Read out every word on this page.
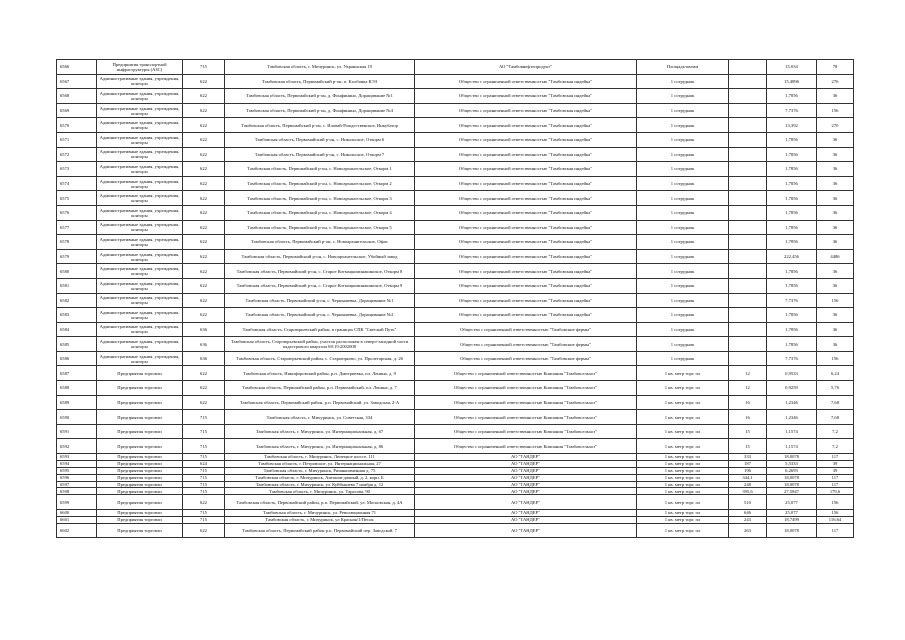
6566	Предприятия транспортной инфраструктуры (АЗС)	715	Тамбовская область, г. Мичуринск, ул. Украинская 19	АО "Тамбовнефтепродукт"	Площадь-квгмм		15.034	78
6567	Административные здания, учреждения, конторы	622	Тамбовская область, Первомайский р-он, п. Kолбовка КЭЗ	Общество с ограниченной ответственностью "Тамбовская индейка"	1 сотрудник		15,4896	276
6568	Административные здания, учреждения, конторы	622	Тамбовская область, Первомайский р-он, д. Фонфинино, Доращивание №1	Общество с ограниченной ответственностью "Тамбовская индейка"	1 сотрудник		1,7856	36
6569	Административные здания, учреждения, конторы	622	Тамбовская область, Первомайский р-он, д. Фонфинино, Доращивание №4	Общество с ограниченной ответственностью "Тамбовская индейка"	1 сотрудник		7,7376	156
6570	Административные здания, учреждения, конторы	622	Тамбовская область, Первомайский р-он, с. Иловай-Рождественское, Инкубатор	Общество с ограниченной ответственностью "Тамбовская индейка"	1 сотрудник		13,392	270
6571	Административные здания, учреждения, конторы	622	Тамбовская область, Первомайский р-он, с. Никольское, Откорм 6	Общество с ограниченной ответственностью "Тамбовская индейка"	1 сотрудник		1,7856	36
6572	Административные здания, учреждения, конторы	622	Тамбовская область, Первомайский р-он, с. Никольское, Откорм 7	Общество с ограниченной ответственностью "Тамбовская индейка"	1 сотрудник		1,7856	36
6573	Административные здания, учреждения, конторы	622	Тамбовская область, Первомайский р-он, с. Новоархангельское, Откорм 1	Общество с ограниченной ответственностью "Тамбовская индейка"	1 сотрудник		1,7856	36
6574	Административные здания, учреждения, конторы	622	Тамбовская область, Первомайский р-он, с. Новоархангельское, Откорм 2	Общество с ограниченной ответственностью "Тамбовская индейка"	1 сотрудник		1,7856	36
6575	Административные здания, учреждения, конторы	622	Тамбовская область, Первомайский р-он, с. Новоархангельское, Откорм 3	Общество с ограниченной ответственностью "Тамбовская индейка"	1 сотрудник		1,7856	36
6576	Административные здания, учреждения, конторы	622	Тамбовская область, Первомайский р-он, с. Новоархангельское, Откорм 4	Общество с ограниченной ответственностью "Тамбовская индейка"	1 сотрудник		1,7856	36
6577	Административные здания, учреждения, конторы	622	Тамбовская область, Первомайский р-он, с. Новоархангельское, Откорм 5	Общество с ограниченной ответственностью "Тамбовская индейка"	1 сотрудник		1,7856	36
6578	Административные здания, учреждения, конторы	622	Тамбовская область, Первомайский р-он, с. Новоархангельское, Офис	Общество с ограниченной ответственностью "Тамбовская индейка"	1 сотрудник		1,7856	36
6579	Административные здания, учреждения, конторы	622	Тамбовская область, Первомайский р-он, с. Новоархангельское, Убойный завод	Общество с ограниченной ответственностью "Тамбовская индейка"	1 сотрудник		222,456	4486
6580	Административные здания, учреждения, конторы	622	Тамбовская область, Первомайский р-он, с. Старое Котмацкоминакинское, Откорм 8	Общество с ограниченной ответственностью "Тамбовская индейка"	1 сотрудник		1,7856	36
6581	Административные здания, учреждения, конторы	622	Тамбовская область, Первомайский р-он, с. Старое Котмацкоминакинское, Откорм 9	Общество с ограниченной ответственностью "Тамбовская индейка"	1 сотрудник		1,7856	36
6582	Административные здания, учреждения, конторы	622	Тамбовская область, Первомайский р-он, с. Чернышевка, Доращивание №1	Общество с ограниченной ответственностью "Тамбовская индейка"	1 сотрудник		7,7376	156
6583	Административные здания, учреждения, конторы	622	Тамбовская область, Первомайский р-он, с. Чернышевка, Доращивание №2	Общество с ограниченной ответственностью "Тамбовская индейка"	1 сотрудник		1,7856	36
6584	Административные здания, учреждения, конторы	636	Тамбовская область, Староюрьевский район, в границах СПК "Светлый Путь"	Общество с ограниченной ответственностью "Тамбовские фермы"	1 сотрудник		1,7856	36
6585	Административные здания, учреждения, конторы	636	Тамбовская область, Староюрьевский район, участок расположен в северо-западной части кадастрового квартала 68:19:2002008	Общество с ограниченной ответственностью "Тамбовские фермы"	1 сотрудник		1,7856	36
6586	Административные здания, учреждения, конторы	636	Тамбовская область, Староюрьевский район, с. Староюрьево, ул. Пролетарская, д. 26	Общество с ограниченной ответственностью "Тамбовские фермы"	1 сотрудник		7,7376	156
6587	Предприятия торговли	622	Тамбовская область, Никифоровский район, р.п. Дмитриевка, пл. Ленина, д. 9	Общество с ограниченной ответственностью Компания "Тамбовсельхоз"	1 кв. метр торг. пл	12	0,9533	6,24
6588	Предприятия торговли	622	Тамбовская область, Первомайский район, р.п. Первомайский, пл. Ленина, д. 7	Общество с ограниченной ответственностью Компания "Тамбовсельхоз"	1 кв. метр торг. пл	12	0,9259	5,76
6589	Предприятия торговли	622	Тамбовская область, Первомайский район, р.п. Первомайский, ул. Заводская, 2-А	Общество с ограниченной ответственностью Компания "Тамбовсельхоз"	1 кв. метр торг. пл	16	1,2346	7,68
6590	Предприятия торговли	715	Тамбовская область, г. Мичуринск, ул. Советская, 334	Общество с ограниченной ответственностью Компания "Тамбовсельхоз"	1 кв. метр торг. пл	16	1,2346	7,68
6591	Предприятия торговли	715	Тамбовская область, г. Мичуринск, ул. Интернациональная, д. 67	Общество с ограниченной ответственностью Компания "Тамбовсельхоз"	1 кв. метр торг. пл	15	1,1574	7,2
6592	Предприятия торговли	715	Тамбовская область, г. Мичуринск, ул. Интернациональная, д. 86	Общество с ограниченной ответственностью Компания "Тамбовсельхоз"	1 кв. метр торг. пл	15	1,1574	7,2
6593	Предприятия торговли	715	Тамбовская область, г. Мичуринск, Липецкое шоссе, 111	АО "ТАНДЕР"	1 кв. метр торг. пл	333	18,0078	117
6594	Предприятия торговли	624	Тамбовская область, г. Петровское, ул. Интернациональная, 27	АО "ТАНДЕР"	1 кв. метр торг. пл	187	5,5333	39
6595	Предприятия торговли	715	Тамбовская область, г. Мичуринск, Рязанкоименная д. 75	АО "ТАНДЕР"	1 кв. метр торг. пл	196	6,2693	39
6596	Предприятия торговли	715	Тамбовская область, г. Мичуринск, Антонов-дачный, д. 2, корп. Б	АО "ТАНДЕР"	1 кв. метр торг. пл	344,1	18,0078	117
6597	Предприятия торговли	715	Тамбовская область, г. Мичуринск, ул. Куйбышева 7 ноября д. 12	АО "ТАНДЕР"	1 кв. метр торг. пл	248	18,0078	117
6598	Предприятия торговли	715	Тамбовская область, г. Мичуринск, ул. Тарасова, 90	АО "ТАНДЕР"	1 кв. метр торг. пл	395,6	27,5847	179,6
6599	Предприятия торговли	622	Тамбовская область, Первомайский район, р.п. Первомайский, ул. Московская, д. 4А	АО "ТАНДЕР"	1 кв. метр торг. пл	510	25,077	156
6600	Предприятия торговли	715	Тамбовская область, г. Мичуринск, ул. Революционная 71	АО "ТАНДЕР"	1 кв. метр торг. пл	646	25,077	156
6601	Предприятия торговли	715	Тамбовская область, г. Мичуринск, ул Красная/1/Песок	АО "ТАНДЕР"	1 кв. метр торг. пл	243	18,7499	116,64
6602	Предприятия торговли	622	Тамбовская область, Первомайский район р.п. Первомайский пер. Заводской, 7	АО "ТАНДЕР"	1 кв. метр торг. пл	263	18,0078	117
